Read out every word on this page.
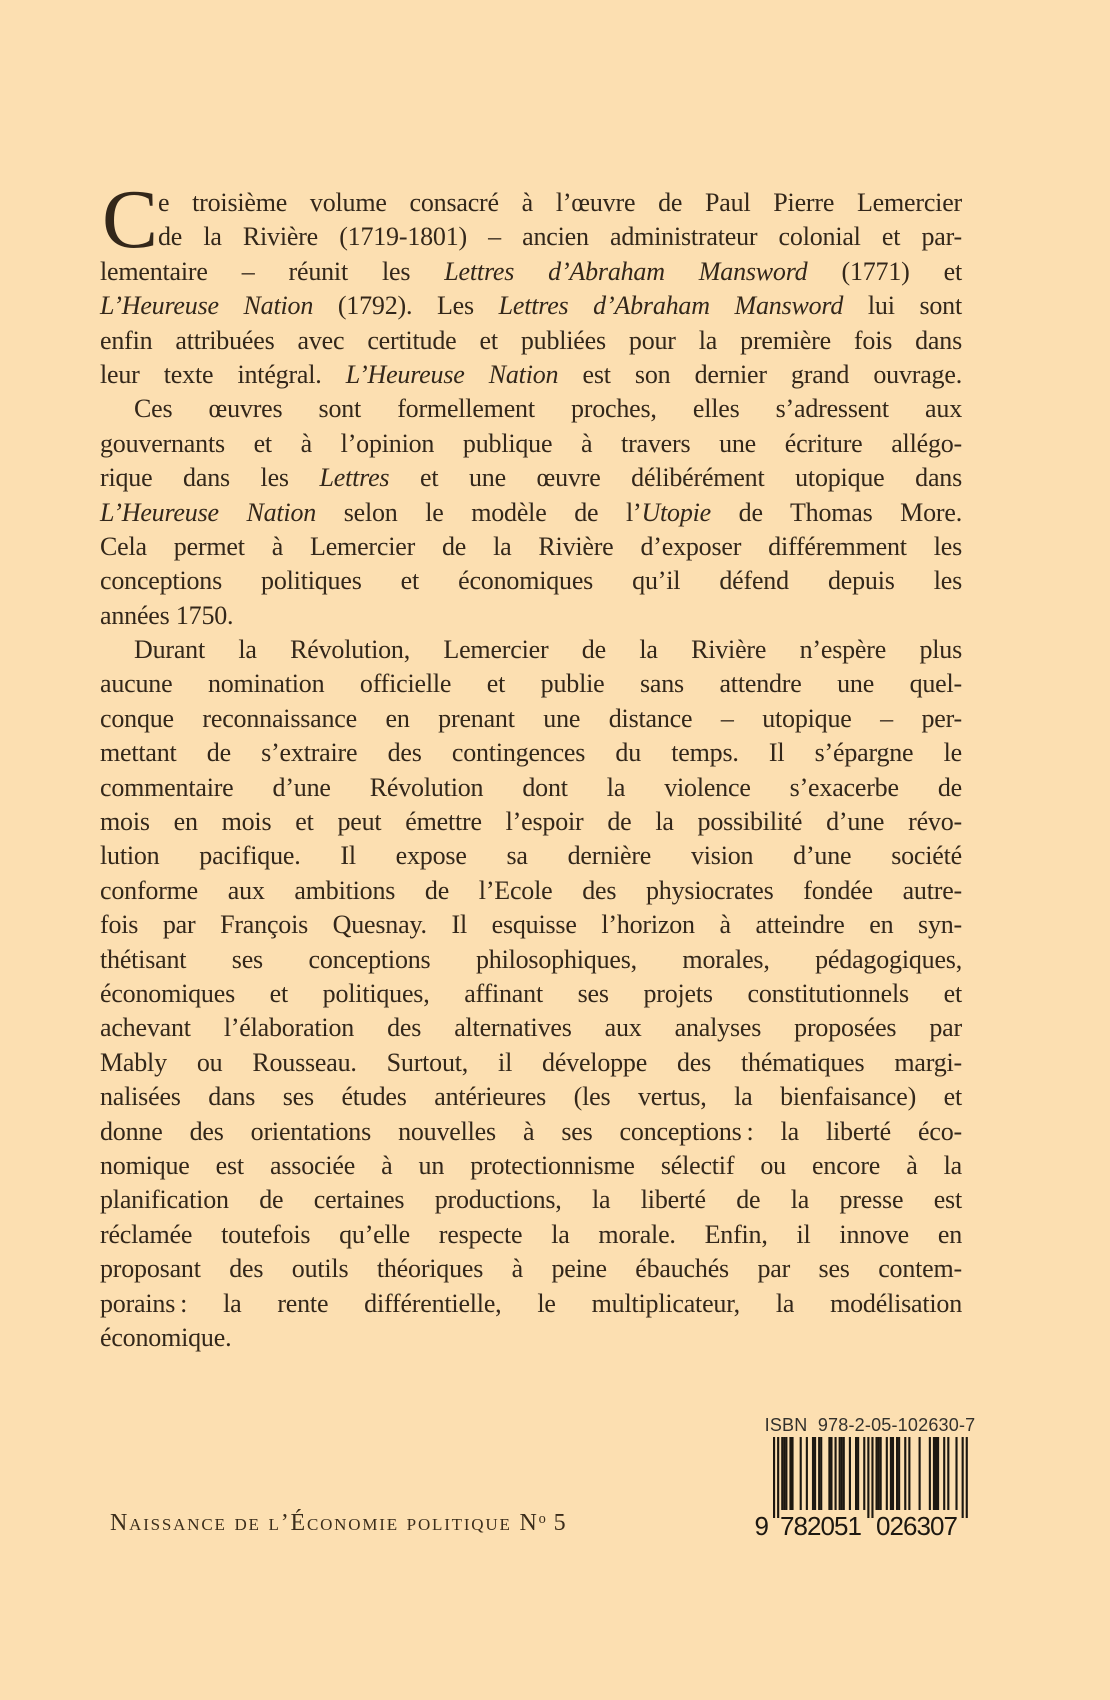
C e troisième volume consacré à l’œuvre de Paul Pierre Lemercier
de la Rivière (1719-1801) – ancien administrateur colonial et par-
lementaire – réunit les Lettres d’Abraham Mansword (1771) et
L’Heureuse Nation (1792). Les Lettres d’Abraham Mansword lui sont
enfin attribuées avec certitude et publiées pour la première fois dans
leur texte intégral. L’Heureuse Nation est son dernier grand ouvrage.
Ces œuvres sont formellement proches, elles s’adressent aux
gouvernants et à l’opinion publique à travers une écriture allégo-
rique dans les Lettres et une œuvre délibérément utopique dans
L’Heureuse Nation selon le modèle de l’Utopie de Thomas More.
Cela permet à Lemercier de la Rivière d’exposer différemment les
conceptions politiques et économiques qu’il défend depuis les
années 1750.
Durant la Révolution, Lemercier de la Rivière n’espère plus
aucune nomination officielle et publie sans attendre une quel-
conque reconnaissance en prenant une distance – utopique – per-
mettant de s’extraire des contingences du temps. Il s’épargne le
commentaire d’une Révolution dont la violence s’exacerbe de
mois en mois et peut émettre l’espoir de la possibilité d’une révo-
lution pacifique. Il expose sa dernière vision d’une société
conforme aux ambitions de l’Ecole des physiocrates fondée autre-
fois par François Quesnay. Il esquisse l’horizon à atteindre en syn-
thétisant ses conceptions philosophiques, morales, pédagogiques,
économiques et politiques, affinant ses projets constitutionnels et
achevant l’élaboration des alternatives aux analyses proposées par
Mably ou Rousseau. Surtout, il développe des thématiques margi-
nalisées dans ses études antérieures (les vertus, la bienfaisance) et
donne des orientations nouvelles à ses conceptions : la liberté éco-
nomique est associée à un protectionnisme sélectif ou encore à la
planification de certaines productions, la liberté de la presse est
réclamée toutefois qu’elle respecte la morale. Enfin, il innove en
proposant des outils théoriques à peine ébauchés par ses contem-
porains : la rente différentielle, le multiplicateur, la modélisation
économique.
Naissance de l’Économie politique $N^o$ 5
ISBN  978-2-05-102630-7
9 782051 026307
